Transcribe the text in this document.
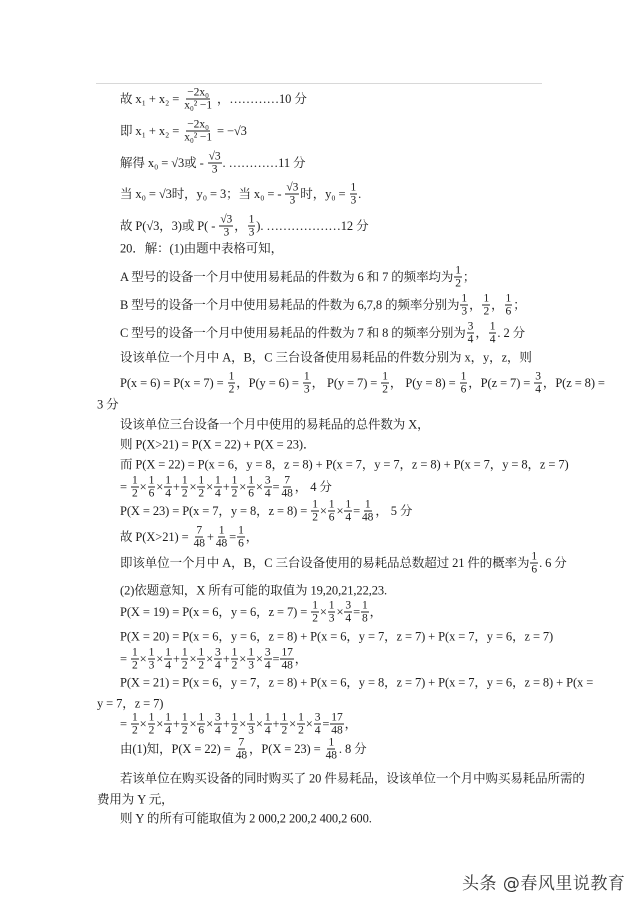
故 $x_1 + x_2 = \frac{\text{−2x₀}}{\text{x₀² −1}}$ ，…………10 分
即 $x_1 + x_2 = \frac{\text{−2x₀}}{\text{x₀² −1}} = -√3$
解得 x₀ = √3或 - $\frac{√3}{3}$ . …………11 分
当 x₀ = √3时，y₀ = 3；当 x₀ = - $\frac{√3}{3}$ 时，$y_0 = \frac{1}{3}$ .
故 P(√3，3)或 $P( - \frac{√3}{3}$ ， $\frac{1}{3}$ ). ………………12 分
20．解：(1)由题中表格可知，
A 型号的设备一个月中使用易耗品的件数为 6 和 7 的频率均为 $\frac{1}{2}$ ；
B 型号的设备一个月中使用易耗品的件数为 6,7,8 的频率分别为 $\frac{1}{3}$ ， $\frac{1}{2}$ ， $\frac{1}{6}$ ；
C 型号的设备一个月中使用易耗品的件数为 7 和 8 的频率分别为 $\frac{3}{4}$ ， $\frac{1}{4}$ . 2 分
设该单位一个月中 A，B，C 三台设备使用易耗品的件数分别为 x，y，z，则
$P(x = 6) = P(x = 7) = \frac{1}{2}$ ，$P(y = 6) = \frac{1}{3}$ ， $P(y = 7) = \frac{1}{2}$ ， $P(y = 8) = \frac{1}{6}$ ，$P(z = 7) = \frac{3}{4}$ ，P(z = 8) =
3 分
设该单位三台设备一个月中使用的易耗品的总件数为 X，
则 P(X>21) = P(X = 22) + P(X = 23)．
而 P(X = 22) = P(x = 6，y = 8，z = 8) + P(x = 7，y = 7，z = 8) + P(x = 7，y = 8，z = 7)
= $\frac{1}{2} \times \frac{1}{6} \times \frac{1}{4} + \frac{1}{2} \times \frac{1}{2} \times \frac{1}{4} + \frac{1}{2} \times \frac{1}{6} \times \frac{3}{4} = \frac{7}{48}$ ， 4 分
P(X = 23) = P(x = 7，y = 8，$z = 8) = \frac{1}{2} \times \frac{1}{6} \times \frac{1}{4} = \frac{1}{48}$ ， 5 分
故 $P(X>21) = \frac{7}{48} + \frac{1}{48} = \frac{1}{6}$ ，
即该单位一个月中 A，B，C 三台设备使用的易耗品总数超过 21 件的概率为 $\frac{1}{6}$ . 6 分
(2)依题意知，X 所有可能的取值为 19,20,21,22,23.
P(X = 19) = P(x = 6，y = 6，$z = 7) = \frac{1}{2} \times \frac{1}{3} \times \frac{3}{4} = \frac{1}{8}$ ，
P(X = 20) = P(x = 6，y = 6，z = 8) + P(x = 6，y = 7，z = 7) + P(x = 7，y = 6，z = 7)
= $\frac{1}{2} \times \frac{1}{3} \times \frac{1}{4} + \frac{1}{2} \times \frac{1}{2} \times \frac{3}{4} + \frac{1}{2} \times \frac{1}{3} \times \frac{3}{4} = \frac{17}{48}$ ，
P(X = 21) = P(x = 6，y = 7，z = 8) + P(x = 6，y = 8，z = 7) + P(x = 7，y = 6，z = 8) + P(x =
y = 7，z = 7)
= $\frac{1}{2} \times \frac{1}{2} \times \frac{1}{4} + \frac{1}{2} \times \frac{1}{6} \times \frac{3}{4} + \frac{1}{2} \times \frac{1}{3} \times \frac{1}{4} + \frac{1}{2} \times \frac{1}{2} \times \frac{3}{4} = \frac{17}{48}$ ，
由(1)知，$P(X = 22) = \frac{7}{48}$ ，$P(X = 23) = \frac{1}{48}$ . 8 分
若该单位在购买设备的同时购买了 20 件易耗品，设该单位一个月中购买易耗品所需的
费用为 Y 元，
则 Y 的所有可能取值为 2 000,2 200,2 400,2 600.
头条 @春风里说教育
